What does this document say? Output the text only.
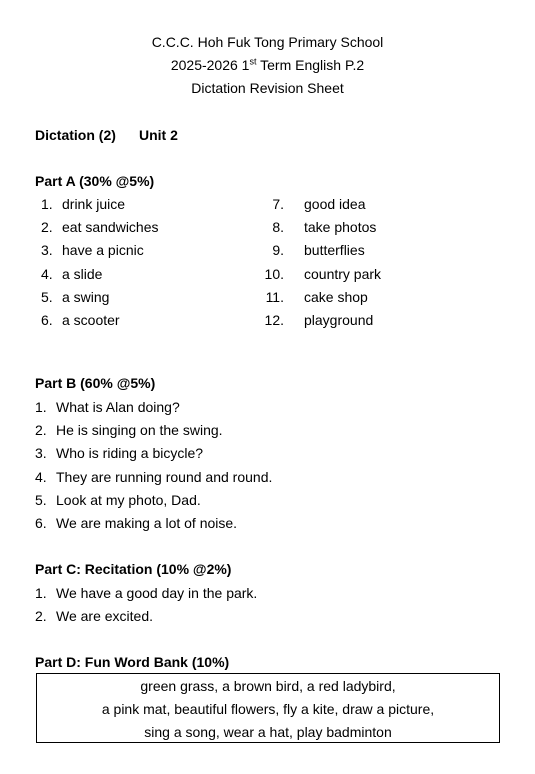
C.C.C. Hoh Fuk Tong Primary School
2025-2026 1st Term English P.2
Dictation Revision Sheet
Dictation (2) Unit 2
Part A (30% @5%)
1. drink juice
2. eat sandwiches
3. have a picnic
4. a slide
5. a swing
6. a scooter
7. good idea
8. take photos
9. butterflies
10. country park
11. cake shop
12. playground
Part B (60% @5%)
1. What is Alan doing?
2. He is singing on the swing.
3. Who is riding a bicycle?
4. They are running round and round.
5. Look at my photo, Dad.
6. We are making a lot of noise.
Part C: Recitation (10% @2%)
1. We have a good day in the park.
2. We are excited.
Part D: Fun Word Bank (10%)
green grass, a brown bird, a red ladybird,
a pink mat, beautiful flowers, fly a kite, draw a picture,
sing a song, wear a hat, play badminton
